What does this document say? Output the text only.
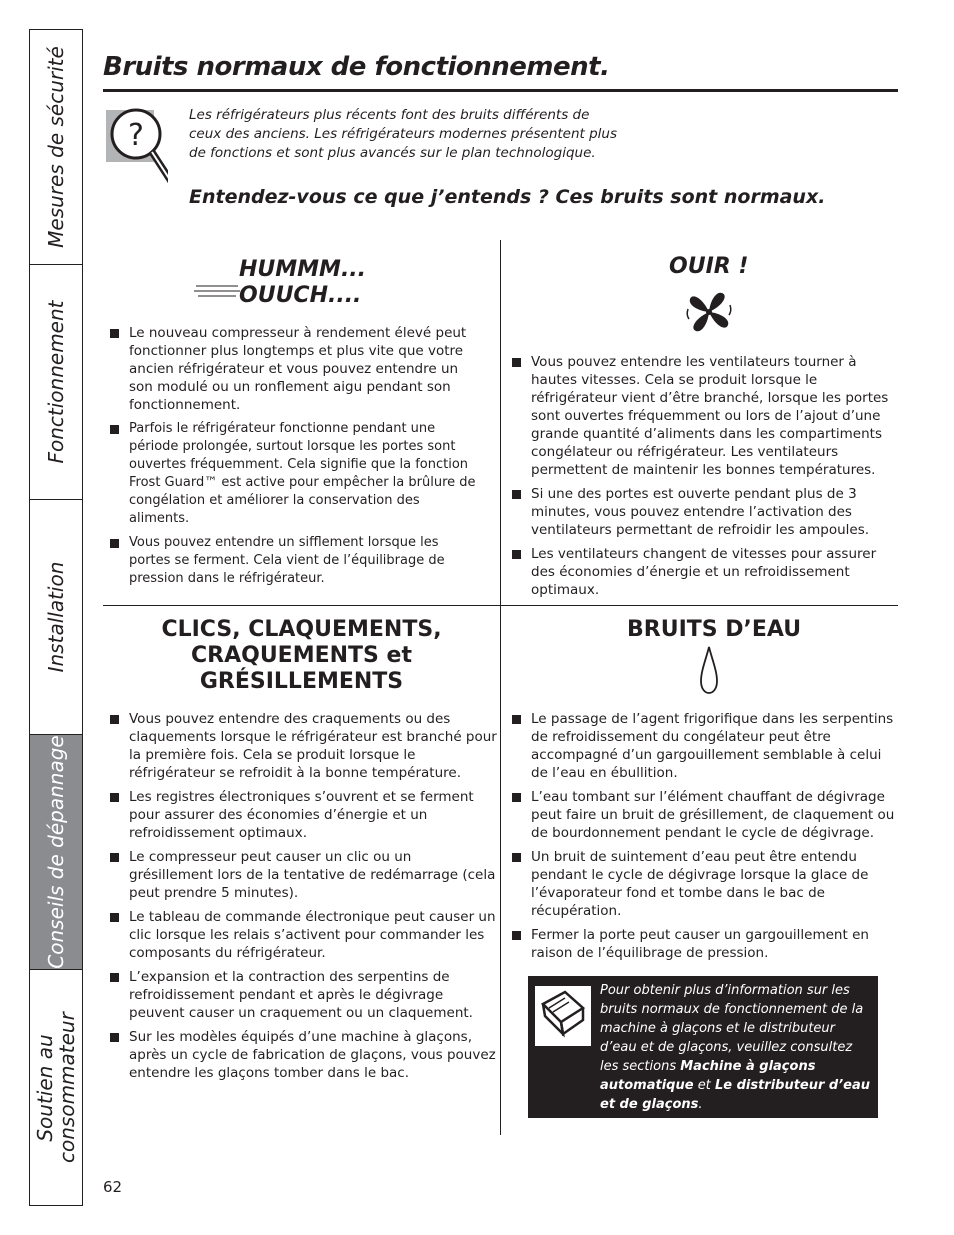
Mesures de sécurité
Fonctionnement
Installation
Conseils de dépannage
Soutien au consommateur
Bruits normaux de fonctionnement.
?

Les réfrigérateurs plus récents font des bruits différents de ceux des anciens. Les réfrigérateurs modernes présentent plus de fonctions et sont plus avancés sur le plan technologique.

Entendez-vous ce que j’entends ? Ces bruits sont normaux.

HUMMM...
OUUCH....
Le nouveau compresseur à rendement élevé peut fonctionner plus longtemps et plus vite que votre ancien réfrigérateur et vous pouvez entendre un son modulé ou un ronflement aigu pendant son fonctionnement.
Parfois le réfrigérateur fonctionne pendant une période prolongée, surtout lorsque les portes sont ouvertes fréquemment. Cela signifie que la fonction Frost Guard™ est active pour empêcher la brûlure de congélation et améliorer la conservation des aliments.
Vous pouvez entendre un sifflement lorsque les portes se ferment. Cela vient de l’équilibrage de pression dans le réfrigérateur.
OUIR !
Vous pouvez entendre les ventilateurs tourner à hautes vitesses. Cela se produit lorsque le réfrigérateur vient d’être branché, lorsque les portes sont ouvertes fréquemment ou lors de l’ajout d’une grande quantité d’aliments dans les compartiments congélateur ou réfrigérateur. Les ventilateurs permettent de maintenir les bonnes températures.
Si une des portes est ouverte pendant plus de 3 minutes, vous pouvez entendre l’activation des ventilateurs permettant de refroidir les ampoules.
Les ventilateurs changent de vitesses pour assurer des économies d’énergie et un refroidissement optimaux.
CLICS, CLAQUEMENTS,
CRAQUEMENTS et
GRÉSILLEMENTS
Vous pouvez entendre des craquements ou des claquements lorsque le réfrigérateur est branché pour la première fois. Cela se produit lorsque le réfrigérateur se refroidit à la bonne température.
Les registres électroniques s’ouvrent et se ferment pour assurer des économies d’énergie et un refroidissement optimaux.
Le compresseur peut causer un clic ou un grésillement lors de la tentative de redémarrage (cela peut prendre 5 minutes).
Le tableau de commande électronique peut causer un clic lorsque les relais s’activent pour commander les composants du réfrigérateur.
L’expansion et la contraction des serpentins de refroidissement pendant et après le dégivrage peuvent causer un craquement ou un claquement.
Sur les modèles équipés d’une machine à glaçons, après un cycle de fabrication de glaçons, vous pouvez entendre les glaçons tomber dans le bac.
BRUITS D’EAU
Le passage de l’agent frigorifique dans les serpentins de refroidissement du congélateur peut être accompagné d’un gargouillement semblable à celui de l’eau en ébullition.
L’eau tombant sur l’élément chauffant de dégivrage peut faire un bruit de grésillement, de claquement ou de bourdonnement pendant le cycle de dégivrage.
Un bruit de suintement d’eau peut être entendu pendant le cycle de dégivrage lorsque la glace de l’évaporateur fond et tombe dans le bac de récupération.
Fermer la porte peut causer un gargouillement en raison de l’équilibrage de pression.
Pour obtenir plus d’information sur les bruits normaux de fonctionnement de la machine à glaçons et le distributeur d’eau et de glaçons, veuillez consultez les sections Machine à glaçons automatique et Le distributeur d’eau et de glaçons.
62
